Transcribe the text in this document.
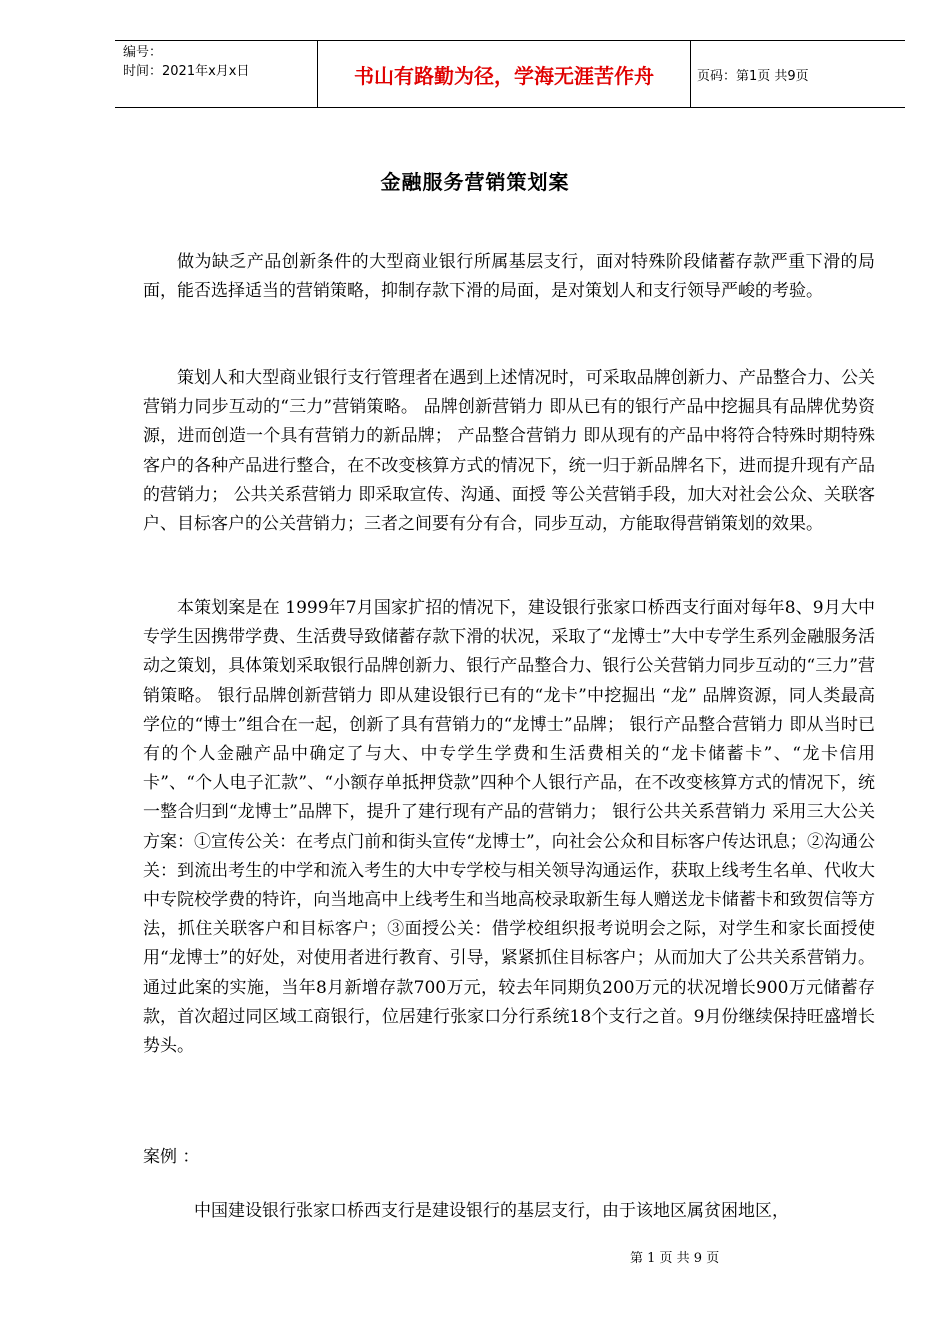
编号：
时间：2021年x月x日	书山有路勤为径，学海无涯苦作舟	页码：第1页 共9页
金融服务营销策划案

做为缺乏产品创新条件的大型商业银行所属基层支行，面对特殊阶段储蓄存款严重下滑的局面，能否选择适当的营销策略，抑制存款下滑的局面，是对策划人和支行领导严峻的考验。

策划人和大型商业银行支行管理者在遇到上述情况时，可采取品牌创新力、产品整合力、公关营销力同步互动的“三力”营销策略。 品牌创新营销力 即从已有的银行产品中挖掘具有品牌优势资源，进而创造一个具有营销力的新品牌； 产品整合营销力 即从现有的产品中将符合特殊时期特殊客户的各种产品进行整合，在不改变核算方式的情况下，统一归于新品牌名下，进而提升现有产品的营销力； 公共关系营销力 即采取宣传、沟通、面授 等公关营销手段，加大对社会公众、关联客户、目标客户的公关营销力；三者之间要有分有合，同步互动，方能取得营销策划的效果。

本策划案是在 1999年7月国家扩招的情况下，建设银行张家口桥西支行面对每年8、9月大中专学生因携带学费、生活费导致储蓄存款下滑的状况，采取了“龙博士”大中专学生系列金融服务活动之策划，具体策划采取银行品牌创新力、银行产品整合力、银行公关营销力同步互动的“三力”营销策略。 银行品牌创新营销力 即从建设银行已有的“龙卡”中挖掘出 “龙” 品牌资源，同人类最高学位的“博士”组合在一起，创新了具有营销力的“龙博士”品牌； 银行产品整合营销力 即从当时已有的个人金融产品中确定了与大、中专学生学费和生活费相关的“龙卡储蓄卡”、“龙卡信用卡”、“个人电子汇款”、“小额存单抵押贷款”四种个人银行产品，在不改变核算方式的情况下，统一整合归到“龙博士”品牌下，提升了建行现有产品的营销力； 银行公共关系营销力 采用三大公关方案：①宣传公关：在考点门前和街头宣传“龙博士”，向社会公众和目标客户传达讯息；②沟通公关：到流出考生的中学和流入考生的大中专学校与相关领导沟通运作，获取上线考生名单、代收大中专院校学费的特许，向当地高中上线考生和当地高校录取新生每人赠送龙卡储蓄卡和致贺信等方法，抓住关联客户和目标客户；③面授公关：借学校组织报考说明会之际，对学生和家长面授使用“龙博士”的好处，对使用者进行教育、引导，紧紧抓住目标客户；从而加大了公共关系营销力。通过此案的实施，当年8月新增存款700万元，较去年同期负200万元的状况增长900万元储蓄存款，首次超过同区域工商银行，位居建行张家口分行系统18个支行之首。9月份继续保持旺盛增长势头。

案例 ：

中国建设银行张家口桥西支行是建设银行的基层支行，由于该地区属贫困地区，

第 1 页 共 9 页
